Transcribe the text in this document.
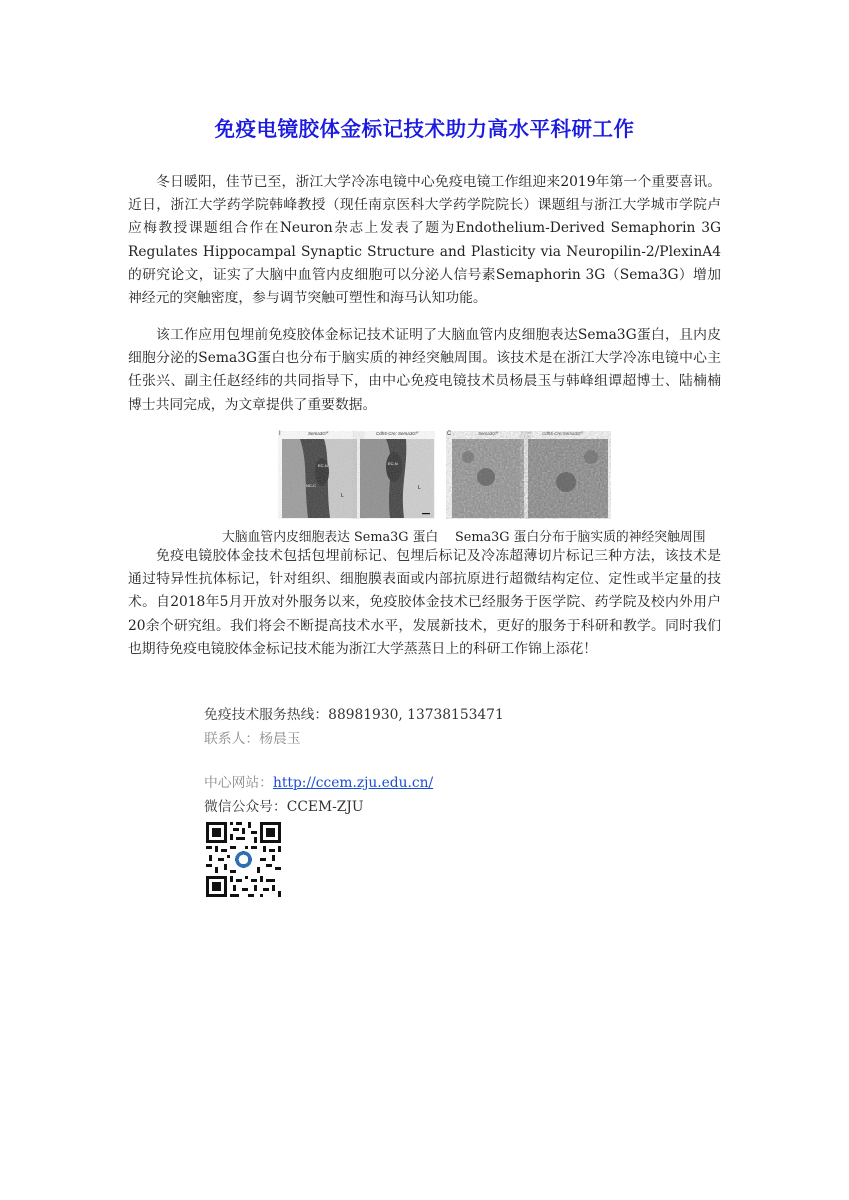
免疫电镜胶体金标记技术助力高水平科研工作

冬日暖阳，佳节已至，浙江大学冷冻电镜中心免疫电镜工作组迎来2019年第一个重要喜讯。近日，浙江大学药学院韩峰教授（现任南京医科大学药学院院长）课题组与浙江大学城市学院卢应梅教授课题组合作在Neuron杂志上发表了题为Endothelium-Derived Semaphorin 3G Regulates Hippocampal Synaptic Structure and Plasticity via Neuropilin-2/PlexinA4的研究论文，证实了大脑中血管内皮细胞可以分泌人信号素Semaphorin 3G（Sema3G）增加神经元的突触密度，参与调节突触可塑性和海马认知功能。

该工作应用包埋前免疫胶体金标记技术证明了大脑血管内皮细胞表达Sema3G蛋白，且内皮细胞分泌的Sema3G蛋白也分布于脑实质的神经突触周围。该技术是在浙江大学冷冻电镜中心主任张兴、副主任赵经纬的共同指导下，由中心免疫电镜技术员杨晨玉与韩峰组谭超博士、陆楠楠博士共同完成，为文章提供了重要数据。

I	$Sema3G^{f/f}$	Cdh5-Cre; $Sema3G^{f/f}$
EC-N
NC-C
L
EC-N
L
C	$Sema3G^{f/f}$	$Cdh5-Cre;Sema3G^{f/f}$
大脑血管内皮细胞表达 Sema3G 蛋白 Sema3G 蛋白分布于脑实质的神经突触周围

免疫电镜胶体金技术包括包埋前标记、包埋后标记及冷冻超薄切片标记三种方法，该技术是通过特异性抗体标记，针对组织、细胞膜表面或内部抗原进行超微结构定位、定性或半定量的技术。自2018年5月开放对外服务以来，免疫胶体金技术已经服务于医学院、药学院及校内外用户20余个研究组。我们将会不断提高技术水平，发展新技术，更好的服务于科研和教学。同时我们也期待免疫电镜胶体金标记技术能为浙江大学蒸蒸日上的科研工作锦上添花！

免疫技术服务热线：88981930, 13738153471
联系人：杨晨玉
中心网站：http://ccem.zju.edu.cn/
微信公众号：CCEM-ZJU
